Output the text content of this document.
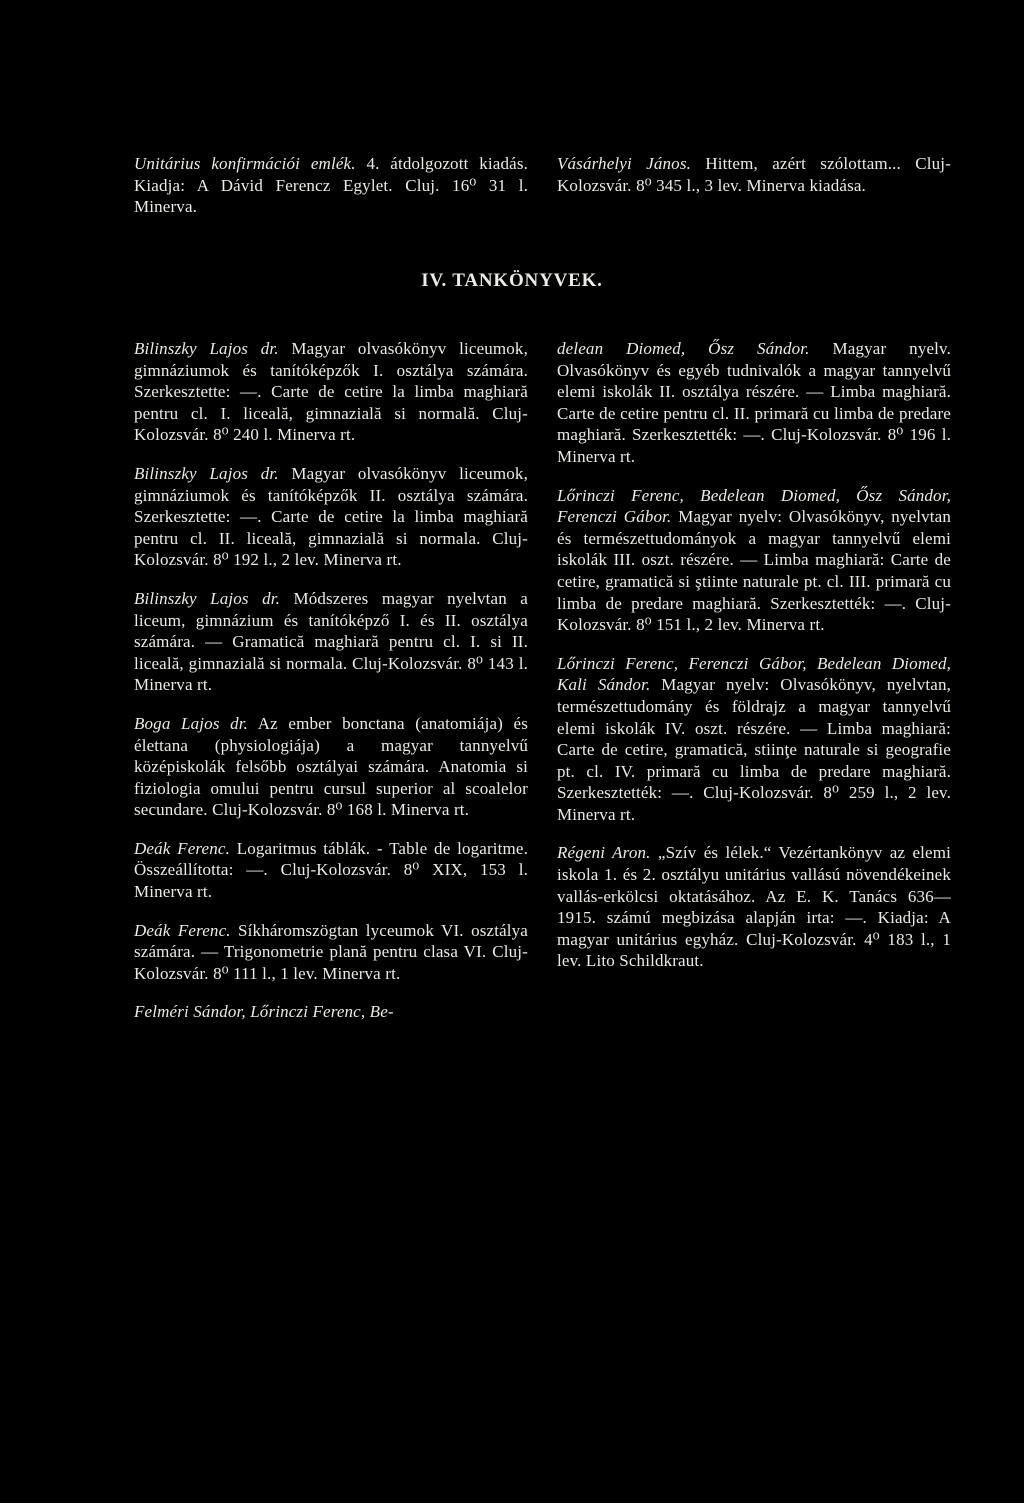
Unitárius konfirmációi emlék. 4. átdolgozott kiadás. Kiadja: A Dávid Ferencz Egylet. Cluj. 16⁰ 31 l. Minerva.

Vásárhelyi János. Hittem, azért szólottam... Cluj-Kolozsvár. 8⁰ 345 l., 3 lev. Minerva kiadása.

IV. TANKÖNYVEK.

Bilinszky Lajos dr. Magyar olvasókönyv liceumok, gimnáziumok és tanítóképzők I. osztálya számára. Szerkesztette: —. Carte de cetire la limba maghiară pentru cl. I. liceală, gimnazială si normală. Cluj-Kolozsvár. 8⁰ 240 l. Minerva rt.

Bilinszky Lajos dr. Magyar olvasókönyv liceumok, gimnáziumok és tanítóképzők II. osztálya számára. Szerkesztette: —. Carte de cetire la limba maghiară pentru cl. II. liceală, gimnazială si normala. Cluj-Kolozsvár. 8⁰ 192 l., 2 lev. Minerva rt.

Bilinszky Lajos dr. Módszeres magyar nyelvtan a liceum, gimnázium és tanítóképző I. és II. osztálya számára. — Gramatică maghiară pentru cl. I. si II. liceală, gimnazială si normala. Cluj-Kolozsvár. 8⁰ 143 l. Minerva rt.

Boga Lajos dr. Az ember bonctana (anatomiája) és élettana (physiologiája) a magyar tannyelvű középiskolák felsőbb osztályai számára. Anatomia si fiziologia omului pentru cursul superior al scoalelor secundare. Cluj-Kolozsvár. 8⁰ 168 l. Minerva rt.

Deák Ferenc. Logaritmus táblák. - Table de logaritme. Összeállította: —. Cluj-Kolozsvár. 8⁰ XIX, 153 l. Minerva rt.

Deák Ferenc. Síkháromszögtan lyceumok VI. osztálya számára. — Trigonometrie plană pentru clasa VI. Cluj-Kolozsvár. 8⁰ 111 l., 1 lev. Minerva rt.

Felméri Sándor, Lőrinczi Ferenc, Be-

delean Diomed, Ősz Sándor. Magyar nyelv. Olvasókönyv és egyéb tudnivalók a magyar tannyelvű elemi iskolák II. osztálya részére. — Limba maghiară. Carte de cetire pentru cl. II. primară cu limba de predare maghiară. Szerkesztették: —. Cluj-Kolozsvár. 8⁰ 196 l. Minerva rt.

Lőrinczi Ferenc, Bedelean Diomed, Ősz Sándor, Ferenczi Gábor. Magyar nyelv: Olvasókönyv, nyelvtan és természettudományok a magyar tannyelvű elemi iskolák III. oszt. részére. — Limba maghiară: Carte de cetire, gramatică si ştiinte naturale pt. cl. III. primară cu limba de predare maghiară. Szerkesztették: —. Cluj-Kolozsvár. 8⁰ 151 l., 2 lev. Minerva rt.

Lőrinczi Ferenc, Ferenczi Gábor, Bedelean Diomed, Kali Sándor. Magyar nyelv: Olvasókönyv, nyelvtan, természettudomány és földrajz a magyar tannyelvű elemi iskolák IV. oszt. részére. — Limba maghiară: Carte de cetire, gramatică, stiinţe naturale si geografie pt. cl. IV. primară cu limba de predare maghiară. Szerkesztették: —. Cluj-Kolozsvár. 8⁰ 259 l., 2 lev. Minerva rt.

Régeni Aron. „Szív és lélek.“ Vezértankönyv az elemi iskola 1. és 2. osztályu unitárius vallású növendékeinek vallás-erkölcsi oktatásához. Az E. K. Tanács 636—1915. számú megbizása alapján irta: —. Kiadja: A magyar unitárius egyház. Cluj-Kolozsvár. 4⁰ 183 l., 1 lev. Lito Schildkraut.
